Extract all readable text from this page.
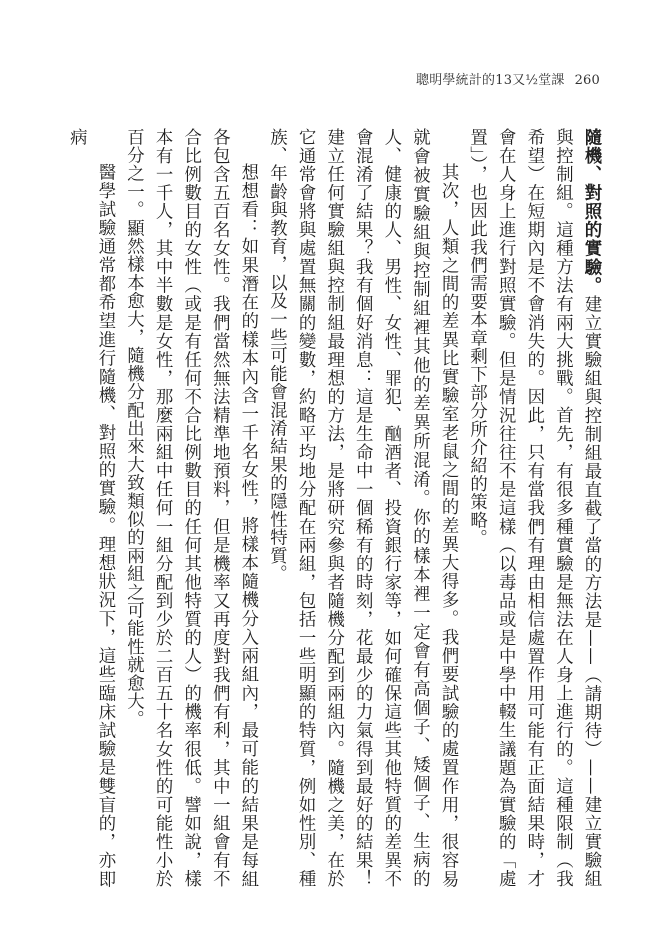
聰明學統計的13又½堂課 260

隨機、對照的實驗。建立實驗組與控制組最直截了當的方法是——（請期待）——建立實驗組與控制組。這種方法有兩大挑戰。首先，有很多種實驗是無法在人身上進行的。這種限制（我希望）在短期內是不會消失的。因此，只有當我們有理由相信處置作用可能有正面結果時，才會在人身上進行對照實驗。但是情況往往不是這樣（以毒品或是中學中輟生議題為實驗的「處置」），也因此我們需要本章剩下部分所介紹的策略。

其次，人類之間的差異比實驗室老鼠之間的差異大得多。我們要試驗的處置作用，很容易就會被實驗組與控制組裡其他的差異所混淆。你的樣本裡一定會有高個子、矮個子、生病的人、健康的人、男性、女性、罪犯、酗酒者、投資銀行家等，如何確保這些其他特質的差異不會混淆了結果？我有個好消息：這是生命中一個稀有的時刻，花最少的力氣得到最好的結果！建立任何實驗組與控制組最理想的方法，是將研究參與者隨機分配到兩組內。隨機之美，在於它通常會將與處置無關的變數，約略平均地分配在兩組，包括一些明顯的特質，例如性別、種族、年齡與教育，以及一些可能會混淆結果的隱性特質。

想想看：如果潛在的樣本內含一千名女性，將樣本隨機分入兩組內，最可能的結果是每組各包含五百名女性。我們當然無法精準地預料，但是機率又再度對我們有利，其中一組會有不合比例數目的女性（或是有任何不合比例數目的任何其他特質的人）的機率很低。譬如說，樣本有一千人，其中半數是女性，那麼兩組中任何一組分配到少於二百五十名女性的可能性小於百分之一。顯然樣本愈大，隨機分配出來大致類似的兩組之可能性就愈大。

醫學試驗通常都希望進行隨機、對照的實驗。理想狀況下，這些臨床試驗是雙盲的，亦即病
